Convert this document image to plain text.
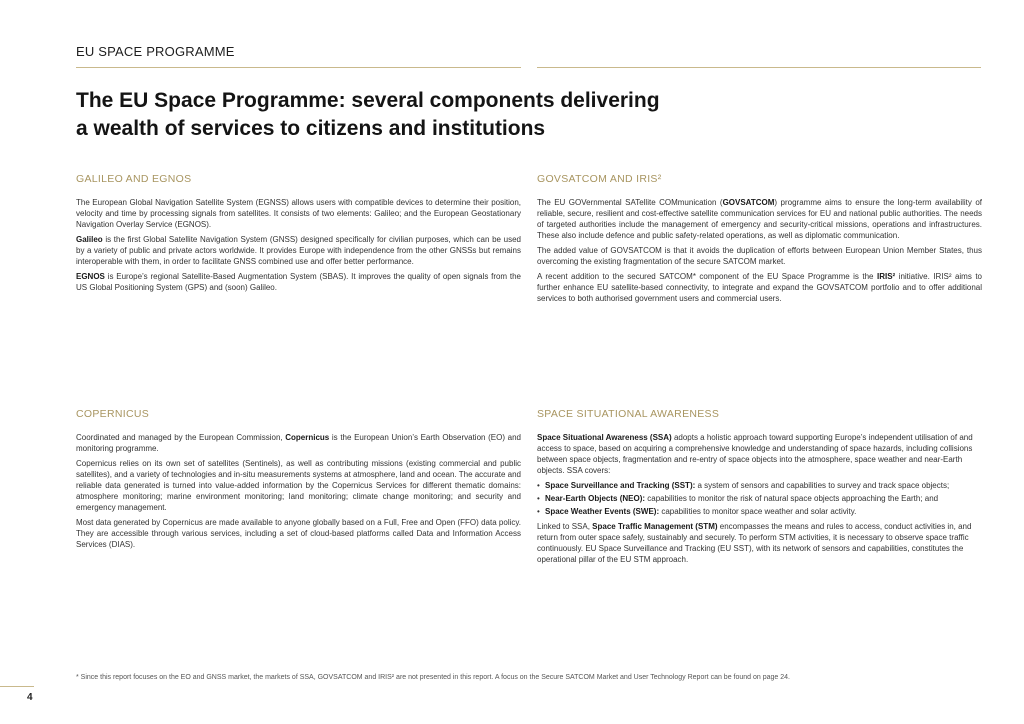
EU SPACE PROGRAMME
The EU Space Programme: several components delivering
a wealth of services to citizens and institutions
GALILEO AND EGNOS

The European Global Navigation Satellite System (EGNSS) allows users with compatible devices to determine their position, velocity and time by processing signals from satellites. It consists of two elements: Galileo; and the European Geostationary Navigation Overlay Service (EGNOS).

Galileo is the first Global Satellite Navigation System (GNSS) designed specifically for civilian purposes, which can be used by a variety of public and private actors worldwide. It provides Europe with independence from the other GNSSs but remains interoperable with them, in order to facilitate GNSS combined use and offer better performance.

EGNOS is Europe’s regional Satellite-Based Augmentation System (SBAS). It improves the quality of open signals from the US Global Positioning System (GPS) and (soon) Galileo.

GOVSATCOM AND IRIS²

The EU GOVernmental SATellite COMmunication (GOVSATCOM) programme aims to ensure the long-term availability of reliable, secure, resilient and cost-effective satellite communication services for EU and national public authorities. The needs of targeted authorities include the management of emergency and security-critical missions, operations and infrastructures. These also include defence and public safety-related operations, as well as diplomatic communication.

The added value of GOVSATCOM is that it avoids the duplication of efforts between European Union Member States, thus overcoming the existing fragmentation of the secure SATCOM market.

A recent addition to the secured SATCOM* component of the EU Space Programme is the IRIS² initiative. IRIS² aims to further enhance EU satellite-based connectivity, to integrate and expand the GOVSATCOM portfolio and to offer additional services to both authorised government users and commercial users.

COPERNICUS

Coordinated and managed by the European Commission, Copernicus is the European Union’s Earth Observation (EO) and monitoring programme.

Copernicus relies on its own set of satellites (Sentinels), as well as contributing missions (existing commercial and public satellites), and a variety of technologies and in-situ measurements systems at atmosphere, land and ocean. The accurate and reliable data generated is turned into value-added information by the Copernicus Services for different thematic domains: atmosphere monitoring; marine environment monitoring; land monitoring; climate change monitoring; and security and emergency management.

Most data generated by Copernicus are made available to anyone globally based on a Full, Free and Open (FFO) data policy. They are accessible through various services, including a set of cloud-based platforms called Data and Information Access Services (DIAS).

SPACE SITUATIONAL AWARENESS

Space Situational Awareness (SSA) adopts a holistic approach toward supporting Europe’s independent utilisation of and access to space, based on acquiring a comprehensive knowledge and understanding of space hazards, including collisions between space objects, fragmentation and re-entry of space objects into the atmosphere, space weather and near-Earth objects. SSA covers:

• Space Surveillance and Tracking (SST): a system of sensors and capabilities to survey and track space objects;
• Near-Earth Objects (NEO): capabilities to monitor the risk of natural space objects approaching the Earth; and
• Space Weather Events (SWE): capabilities to monitor space weather and solar activity.

Linked to SSA, Space Traffic Management (STM) encompasses the means and rules to access, conduct activities in, and return from outer space safely, sustainably and securely. To perform STM activities, it is necessary to observe space traffic continuously. EU Space Surveillance and Tracking (EU SST), with its network of sensors and capabilities, constitutes the operational pillar of the EU STM approach.

* Since this report focuses on the EO and GNSS market, the markets of SSA, GOVSATCOM and IRIS² are not presented in this report. A focus on the Secure SATCOM Market and User Technology Report can be found on page 24.
4
